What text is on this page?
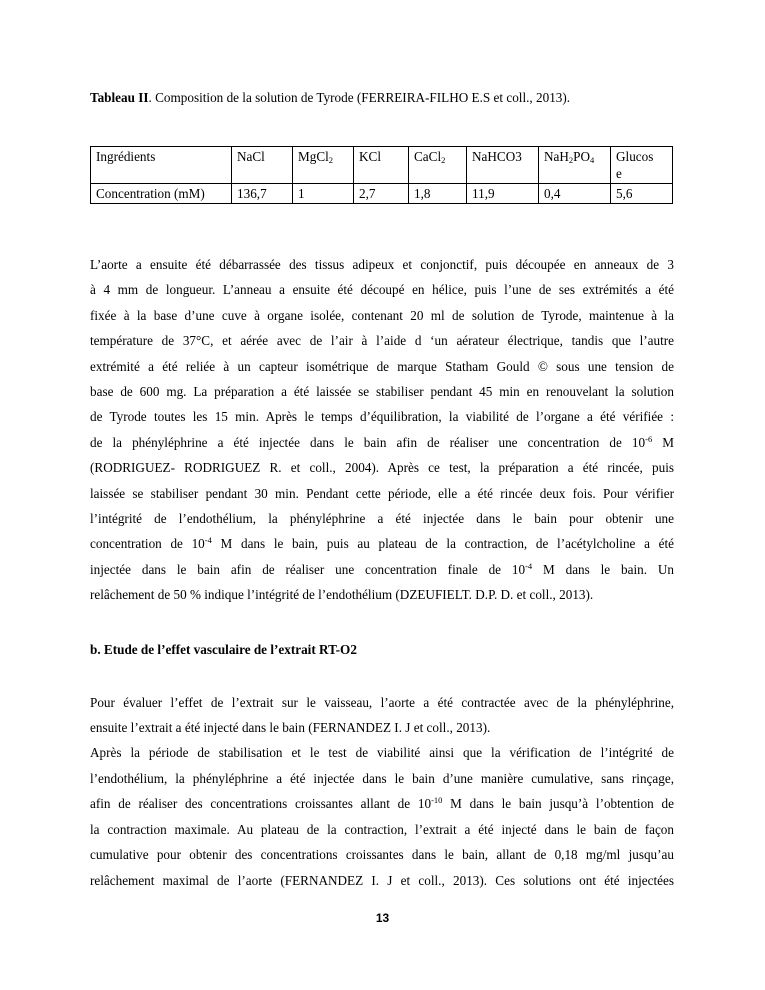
Tableau II. Composition de la solution de Tyrode (FERREIRA-FILHO E.S et coll., 2013).
Ingrédients	NaCl	MgCl$_2$	KCl	CaCl$_2$	NaHCO3	$NaH_2PO_4$	Glucos
e
Concentration (mM)	136,7	1	2,7	1,8	11,9	0,4	5,6
L’aorte a ensuite été débarrassée des tissus adipeux et conjonctif, puis découpée en anneaux de 3
à 4 mm de longueur. L’anneau a ensuite été découpé en hélice, puis l’une de ses extrémités a été
fixée à la base d’une cuve à organe isolée, contenant 20 ml de solution de Tyrode, maintenue à la
température de 37°C, et aérée avec de l’air à l’aide d ‘un aérateur électrique, tandis que l’autre
extrémité a été reliée à un capteur isométrique de marque Statham Gould © sous une tension de
base de 600 mg. La préparation a été laissée se stabiliser pendant 45 min en renouvelant la solution
de Tyrode toutes les 15 min. Après le temps d’équilibration, la viabilité de l’organe a été vérifiée :
de la phényléphrine a été injectée dans le bain afin de réaliser une concentration de $10^{-6}$ M
(RODRIGUEZ- RODRIGUEZ R. et coll., 2004). Après ce test, la préparation a été rincée, puis
laissée se stabiliser pendant 30 min. Pendant cette période, elle a été rincée deux fois. Pour vérifier
l’intégrité de l’endothélium, la phényléphrine a été injectée dans le bain pour obtenir une
concentration de $10^{-4}$ M dans le bain, puis au plateau de la contraction, de l’acétylcholine a été
injectée dans le bain afin de réaliser une concentration finale de $10^{-4}$ M dans le bain. Un
relâchement de 50 % indique l’intégrité de l’endothélium (DZEUFIELT. D.P. D. et coll., 2013).
b. Etude de l’effet vasculaire de l’extrait RT-O2
Pour évaluer l’effet de l’extrait sur le vaisseau, l’aorte a été contractée avec de la phényléphrine,
ensuite l’extrait a été injecté dans le bain (FERNANDEZ I. J et coll., 2013).
Après la période de stabilisation et le test de viabilité ainsi que la vérification de l’intégrité de
l’endothélium, la phényléphrine a été injectée dans le bain d’une manière cumulative, sans rinçage,
afin de réaliser des concentrations croissantes allant de $10^{-10}$ M dans le bain jusqu’à l’obtention de
la contraction maximale. Au plateau de la contraction, l’extrait a été injecté dans le bain de façon
cumulative pour obtenir des concentrations croissantes dans le bain, allant de 0,18 mg/ml jusqu’au
relâchement maximal de l’aorte (FERNANDEZ I. J et coll., 2013). Ces solutions ont été injectées
13
